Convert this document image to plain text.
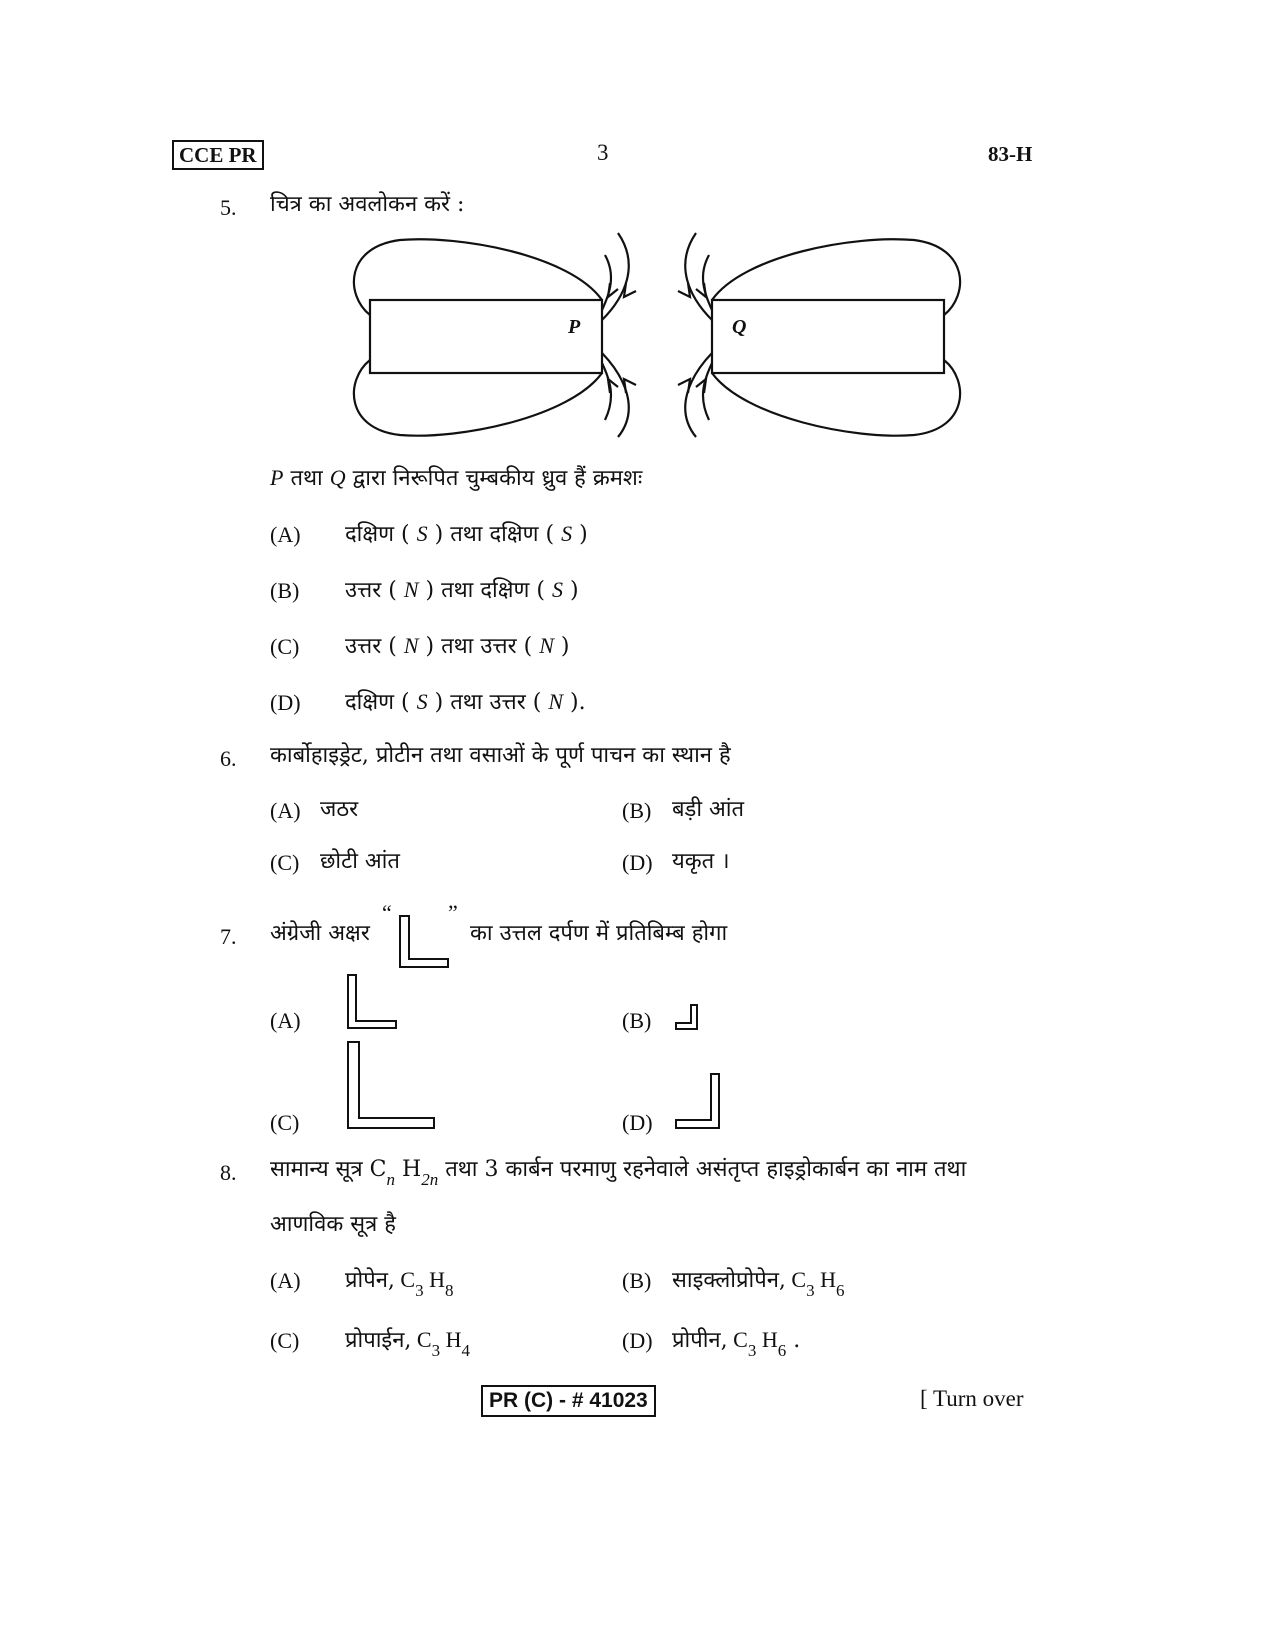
CCE PR	3	83-H
5. चित्र का अवलोकन करें :
P	Q
P तथा Q द्वारा निरूपित चुम्बकीय ध्रुव हैं क्रमशः
(A) दक्षिण ( S ) तथा दक्षिण ( S )
(B) उत्तर ( N ) तथा दक्षिण ( S )
(C) उत्तर ( N ) तथा उत्तर ( N )
(D) दक्षिण ( S ) तथा उत्तर ( N ).
6. कार्बोहाइड्रेट, प्रोटीन तथा वसाओं के पूर्ण पाचन का स्थान है
(A) जठर	(B) बड़ी आंत
(C) छोटी आंत	(D) यकृत ।
7. अंग्रेजी अक्षर
“	”
का उत्तल दर्पण में प्रतिबिम्ब होगा
(A)	(B)
(C)	(D)
8. सामान्य सूत्र $C_n$ $H_{2n}$ तथा 3 कार्बन परमाणु रहनेवाले असंतृप्त हाइड्रोकार्बन का नाम तथा
आणविक सूत्र है
(A) प्रोपेन, $C_3$ $H_8$	(B) साइक्लोप्रोपेन, $C_3$ $H_6$
(C) प्रोपाईन, $C_3$ $H_4$	(D) प्रोपीन, $C_3$ $H_6$ .
PR (C) - # 41023	[ Turn over
